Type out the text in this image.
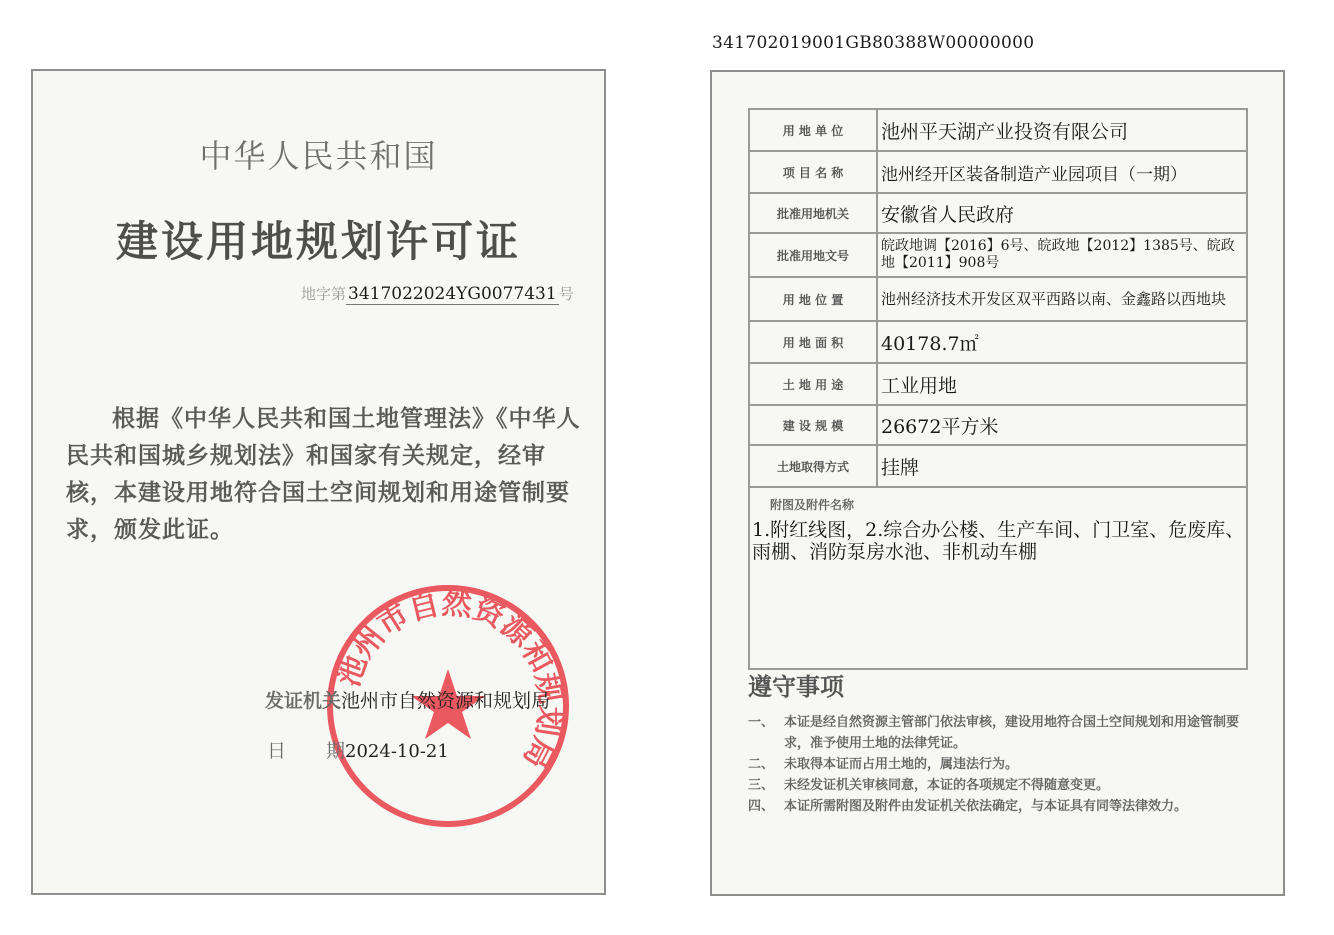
341702019001GB80388W00000000
中华人民共和国
建设用地规划许可证
地字第 3417022024YG0077431 号
根据《中华人民共和国土地管理法》《中华人民共和国城乡规划法》和国家有关规定，经审核，本建设用地符合国土空间规划和用途管制要求，颁发此证。
池州市自然资源和规划局
发证机关池州市自然资源和规划局
日 期2024-10-21
用 地 单 位	池州平天湖产业投资有限公司
项 目 名 称	池州经开区装备制造产业园项目（一期）
批准用地机关	安徽省人民政府
批准用地文号	皖政地调【2016】6号、皖政地【2012】1385号、皖政地【2011】908号
用 地 位 置	池州经济技术开发区双平西路以南、金鑫路以西地块
用 地 面 积	40178.7㎡
土 地 用 途	工业用地
建 设 规 模	26672平方米
土地取得方式	挂牌

附图及附件名称
1.附红线图，2.综合办公楼、生产车间、门卫室、危废库、雨棚、消防泵房水池、非机动车棚	
遵守事项
一、 本证是经自然资源主管部门依法审核，建设用地符合国土空间规划和用途管制要求，准予使用土地的法律凭证。
二、 未取得本证而占用土地的，属违法行为。
三、 未经发证机关审核同意，本证的各项规定不得随意变更。
四、 本证所需附图及附件由发证机关依法确定，与本证具有同等法律效力。
